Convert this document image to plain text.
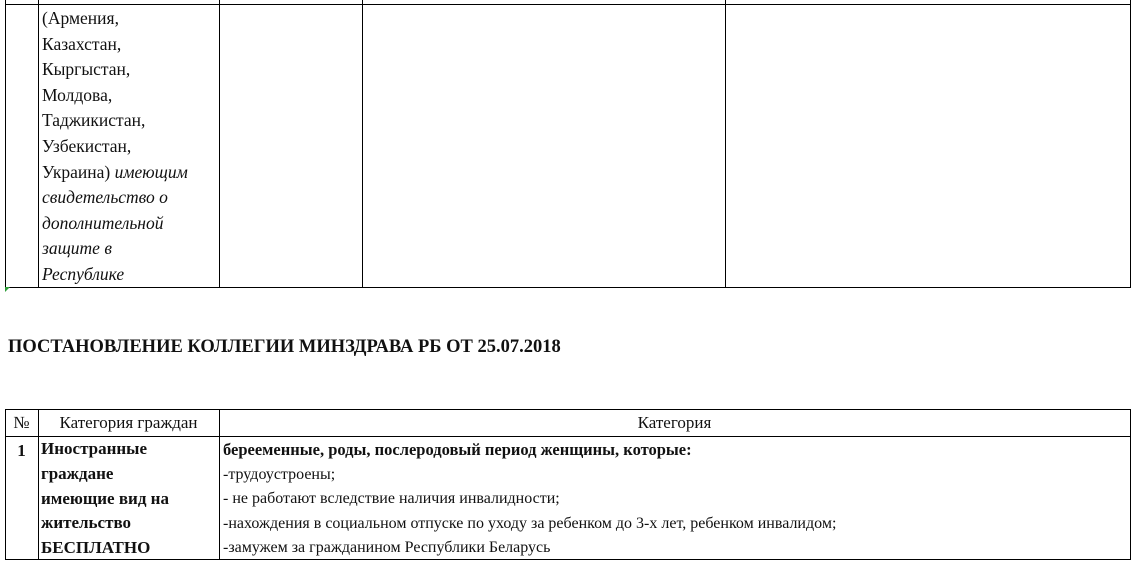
(Армения,
Казахстан,
Кыргыстан,
Молдова,
Таджикистан,
Узбекистан,
Украина) имеющим
свидетельство о
дополнительной
защите в
Республике
ПОСТАНОВЛЕНИЕ КОЛЛЕГИИ МИНЗДРАВА РБ ОТ 25.07.2018
№	Категория граждан	Категория
1 Иностранные
граждане
имеющие вид на
жительство
БЕСПЛАТНО
берееменные, роды, послеродовый период женщины, которые:
-трудоустроены;
- не работают вследствие наличия инвалидности;
-нахождения в социальном отпуске по уходу за ребенком до 3-х лет, ребенком инвалидом;
-замужем за гражданином Республики Беларусь
